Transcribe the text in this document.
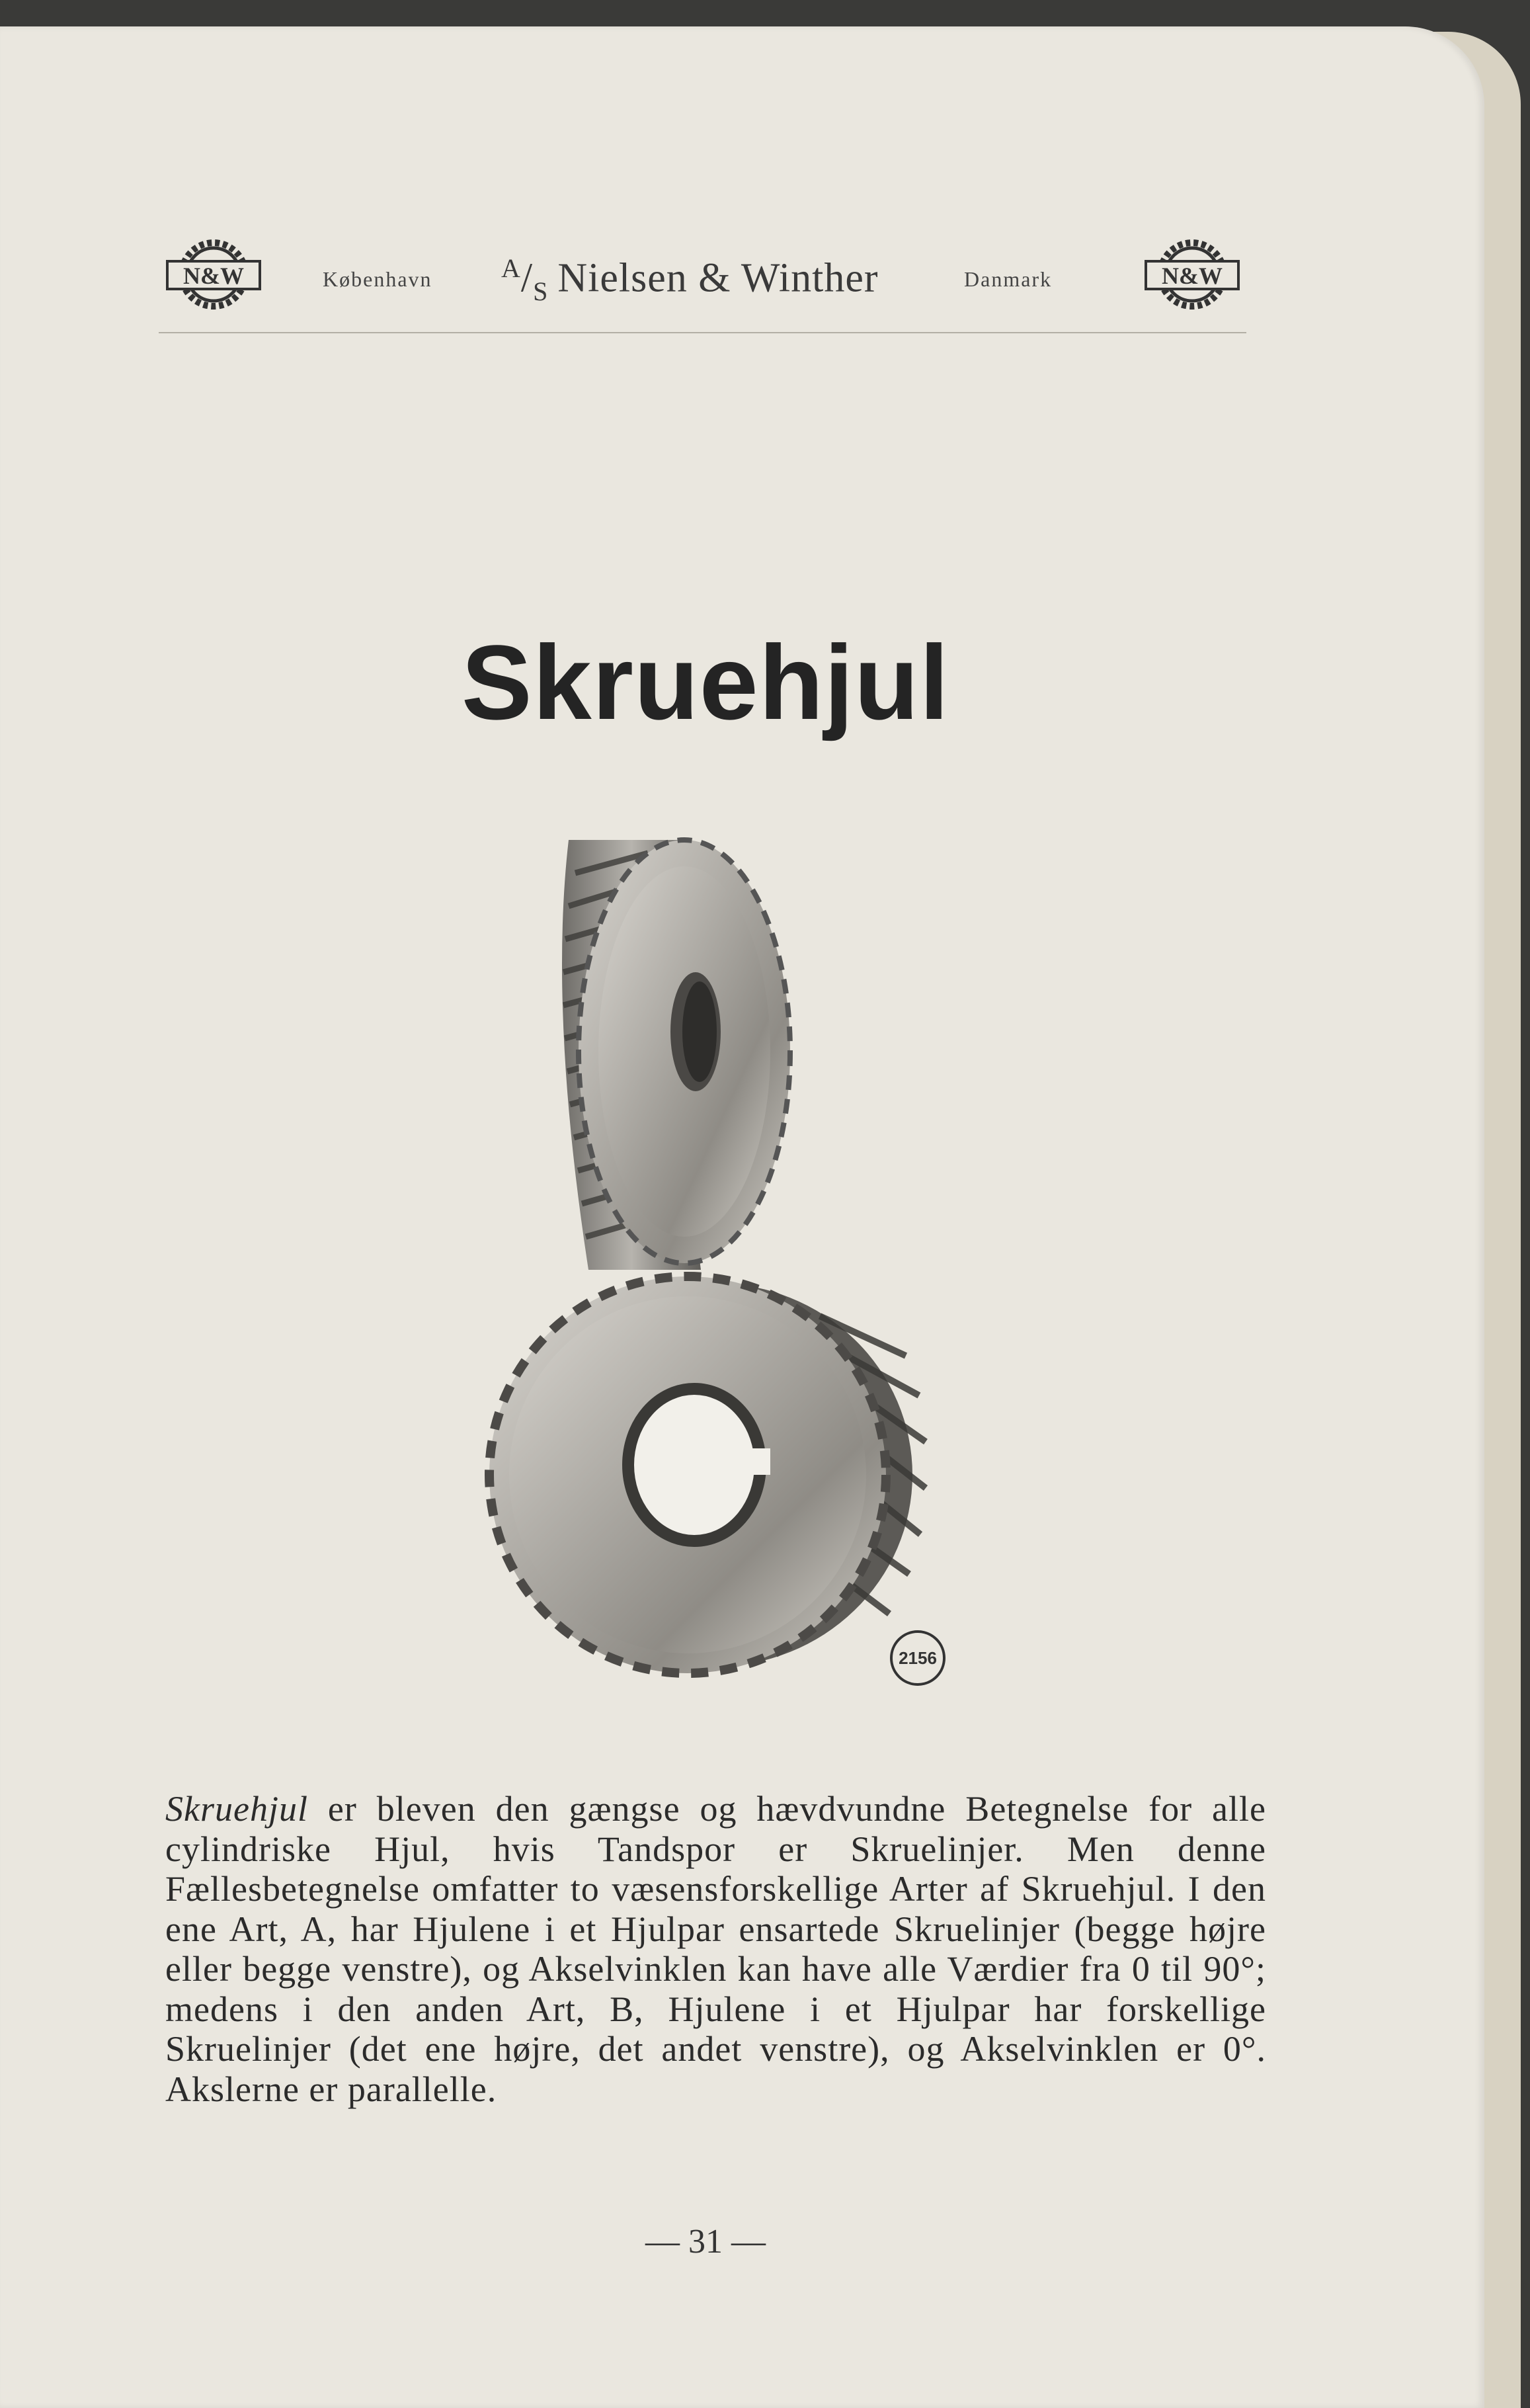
N&W	København	$^A/_S$ Nielsen & Winther	Danmark	N&W
Skruehjul
2156
Skruehjul er bleven den gængse og hævdvundne Betegnelse for alle cylindriske Hjul, hvis Tandspor er Skruelinjer. Men denne Fællesbetegnelse omfatter to væsensforskellige Arter af Skruehjul. I den ene Art, A, har Hjulene i et Hjulpar ensartede Skruelinjer (begge højre eller begge venstre), og Akselvinklen kan have alle Værdier fra 0 til 90°; medens i den anden Art, B, Hjulene i et Hjulpar har forskellige Skruelinjer (det ene højre, det andet venstre), og Akselvinklen er 0°. Akslerne er parallelle.
— 31 —
